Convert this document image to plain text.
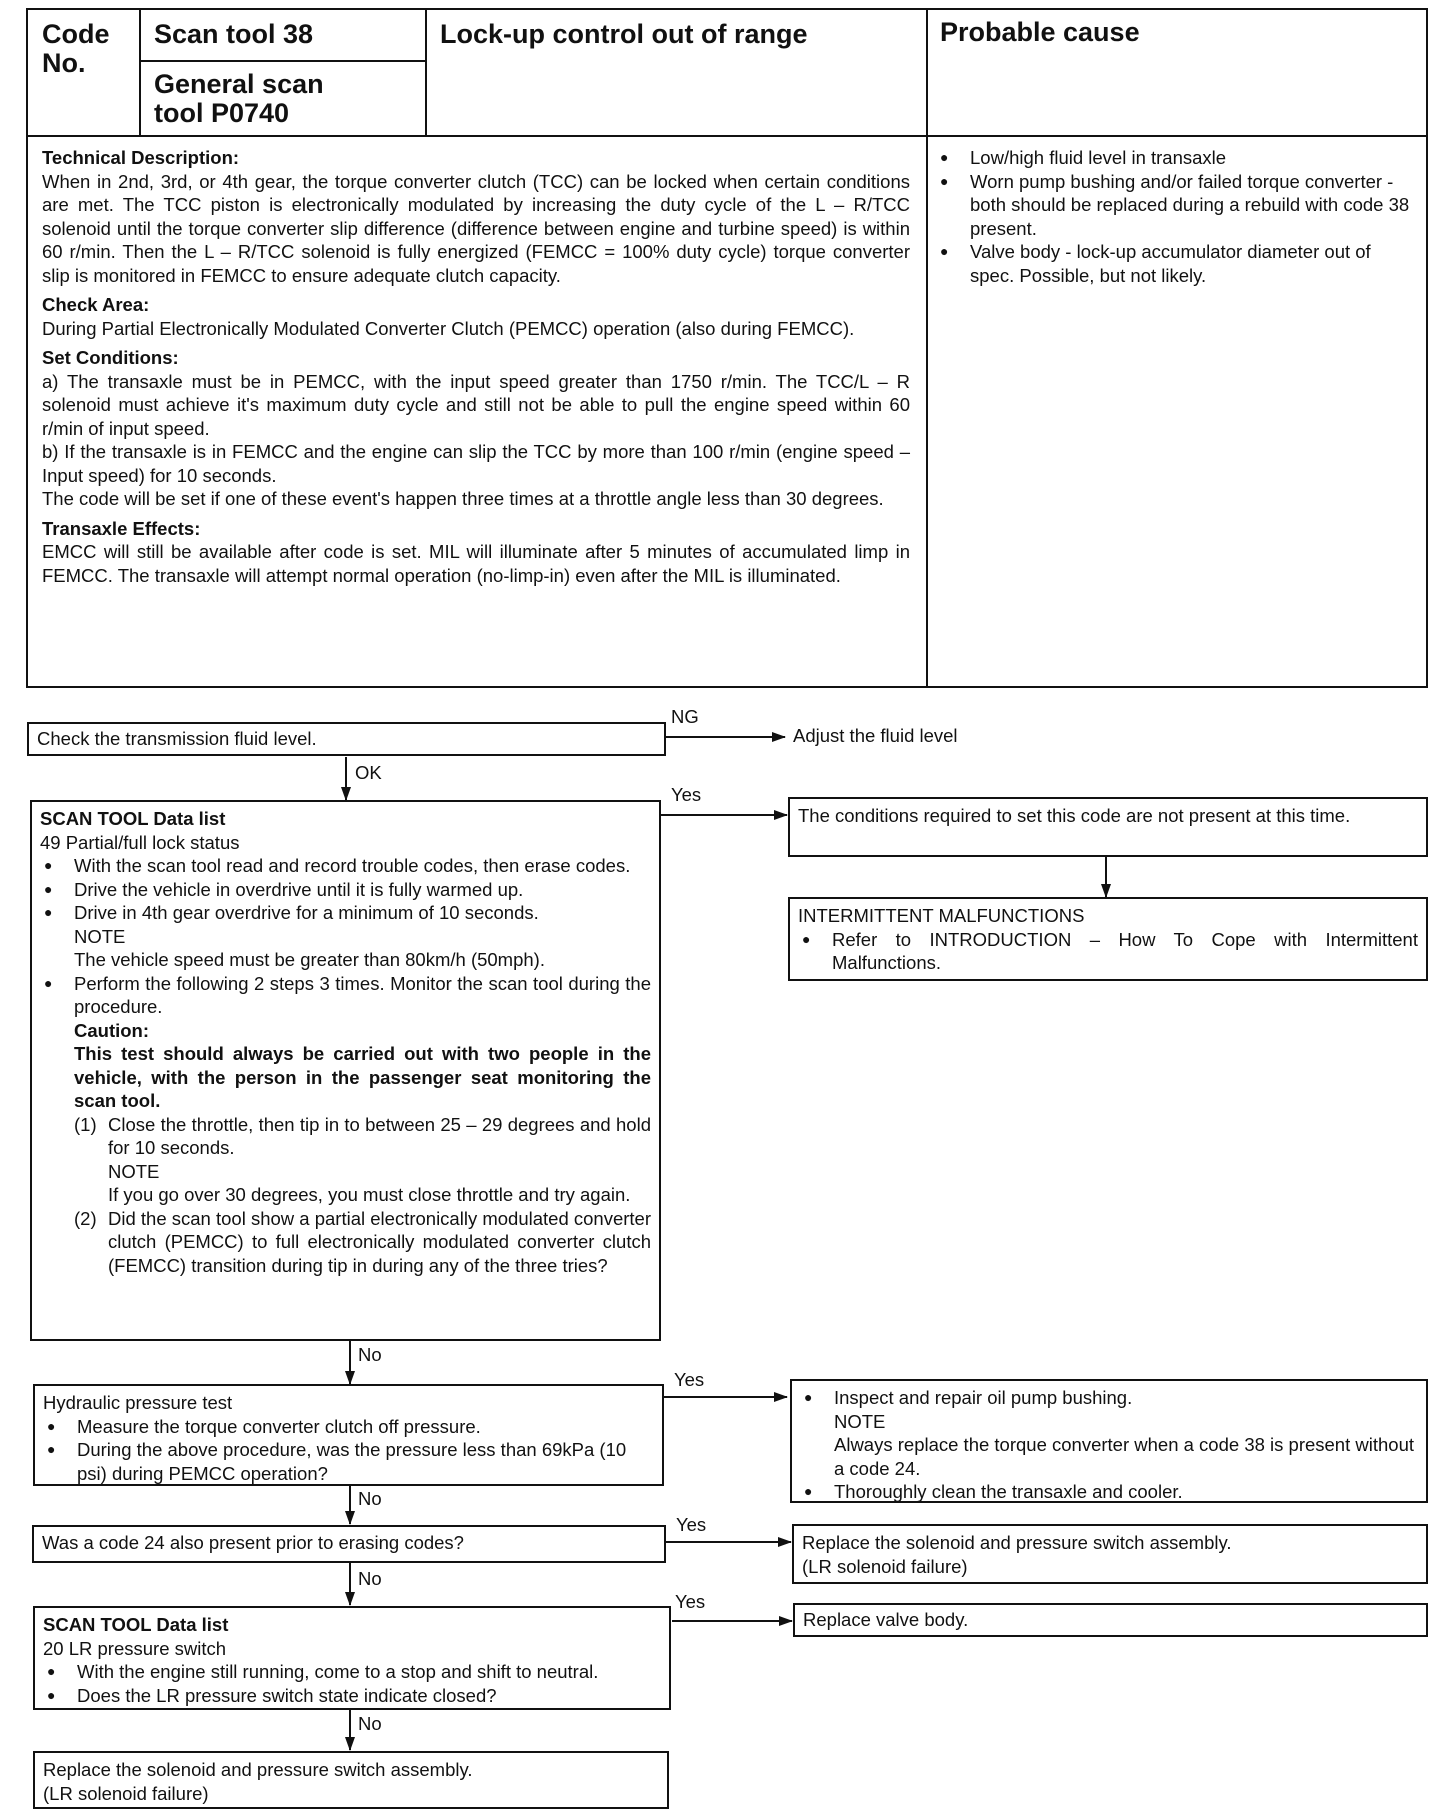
Code No.
Scan tool 38
General scan tool P0740
Lock-up control out of range	Probable cause
Technical Description:
When in 2nd, 3rd, or 4th gear, the torque converter clutch (TCC) can be locked when certain conditions are met. The TCC piston is electronically modulated by increasing the duty cycle of the L – R/TCC solenoid until the torque converter slip difference (difference between engine and turbine speed) is within 60 r/min. Then the L – R/TCC solenoid is fully energized (FEMCC = 100% duty cycle) torque converter slip is monitored in FEMCC to ensure adequate clutch capacity.
Check Area:
During Partial Electronically Modulated Converter Clutch (PEMCC) operation (also during FEMCC).
Set Conditions:
a) The transaxle must be in PEMCC, with the input speed greater than 1750 r/min. The TCC/L – R solenoid must achieve it's maximum duty cycle and still not be able to pull the engine speed within 60 r/min of input speed.
b) If the transaxle is in FEMCC and the engine can slip the TCC by more than 100 r/min (engine speed – Input speed) for 10 seconds.
The code will be set if one of these event's happen three times at a throttle angle less than 30 degrees.
Transaxle Effects:
EMCC will still be available after code is set. MIL will illuminate after 5 minutes of accumulated limp in FEMCC. The transaxle will attempt normal operation (no-limp-in) even after the MIL is illuminated.
● Low/high fluid level in transaxle
● Worn pump bushing and/or failed torque converter - both should be replaced during a rebuild with code 38 present.
● Valve body - lock-up accumulator diameter out of spec. Possible, but not likely.
Check the transmission fluid level.
NG
Adjust the fluid level
OK
SCAN TOOL Data list
49 Partial/full lock status
● With the scan tool read and record trouble codes, then erase codes.
● Drive the vehicle in overdrive until it is fully warmed up.
● Drive in 4th gear overdrive for a minimum of 10 seconds.
NOTE
The vehicle speed must be greater than 80km/h (50mph).
● Perform the following 2 steps 3 times. Monitor the scan tool during the procedure.
Caution:
This test should always be carried out with two people in the vehicle, with the person in the passenger seat monitoring the scan tool.
(1) Close the throttle, then tip in to between 25 – 29 degrees and hold for 10 seconds.
NOTE
If you go over 30 degrees, you must close throttle and try again.
(2) Did the scan tool show a partial electronically modulated converter clutch (PEMCC) to full electronically modulated converter clutch (FEMCC) transition during tip in during any of the three tries?
Yes
The conditions required to set this code are not present at this time.
INTERMITTENT MALFUNCTIONS
● Refer to INTRODUCTION – How To Cope with Intermittent Malfunctions.
No
Hydraulic pressure test
● Measure the torque converter clutch off pressure.
● During the above procedure, was the pressure less than 69kPa (10 psi) during PEMCC operation?
Yes
● Inspect and repair oil pump bushing.
NOTE
Always replace the torque converter when a code 38 is present without a code 24.
● Thoroughly clean the transaxle and cooler.
No
Was a code 24 also present prior to erasing codes?
Yes
Replace the solenoid and pressure switch assembly.
(LR solenoid failure)
No
SCAN TOOL Data list
20 LR pressure switch
● With the engine still running, come to a stop and shift to neutral.
● Does the LR pressure switch state indicate closed?
Yes
Replace valve body.
No
Replace the solenoid and pressure switch assembly.
(LR solenoid failure)
